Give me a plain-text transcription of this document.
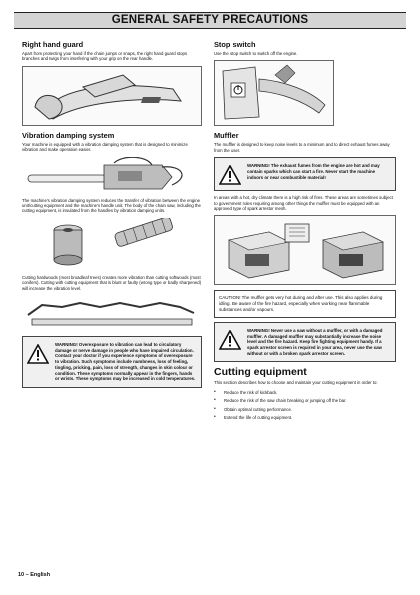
GENERAL SAFETY PRECAUTIONS
Right hand guard

Apart from protecting your hand if the chain jumps or snaps, the right hand guard stops branches and twigs from interfering with your grip on the rear handle.

Vibration damping system

Your machine is equipped with a vibration damping system that is designed to minimize vibration and make operation easier.

The machine's vibration damping system reduces the transfer of vibration between the engine unit/cutting equipment and the machine's handle unit. The body of the chain saw, including the cutting equipment, is insulated from the handles by vibration damping units.

Cutting hardwoods (most broadleaf trees) creates more vibration than cutting softwoods (most conifers). Cutting with cutting equipment that is blunt or faulty (wrong type or badly sharpened) will increase the vibration level.

WARNING! Overexposure to vibration can lead to circulatory damage or nerve damage in people who have impaired circulation. Contact your doctor if you experience symptoms of overexposure to vibration. Such symptoms include numbness, loss of feeling, tingling, pricking, pain, loss of strength, changes in skin colour or condition. These symptoms normally appear in the fingers, hands or wrists. These symptoms may be increased in cold temperatures.
Stop switch

Use the stop switch to switch off the engine.

Muffler

The muffler is designed to keep noise levels to a minimum and to direct exhaust fumes away from the user.

WARNING! The exhaust fumes from the engine are hot and may contain sparks which can start a fire. Never start the machine indoors or near combustible material!

In areas with a hot, dry climate there is a high risk of fires. These areas are sometimes subject to government rules requiring among other things the muffler must be equipped with an approved type of spark arrestor mesh.

CAUTION! The muffler gets very hot during and after use. This also applies during idling. Be aware of the fire hazard, especially when working near flammable substances and/or vapours.

WARNING! Never use a saw without a muffler, or with a damaged muffler. A damaged muffler may substantially increase the noise level and the fire hazard. Keep fire fighting equipment handy. If a spark arrestor screen is required in your area, never use the saw without or with a broken spark arrestor screen.
Cutting equipment

This section describes how to choose and maintain your cutting equipment in order to:

• Reduce the risk of kickback.
• Reduce the risk of the saw chain breaking or jumping off the bar.
• Obtain optimal cutting performance.
• Extend the life of cutting equipment.
10 – English
